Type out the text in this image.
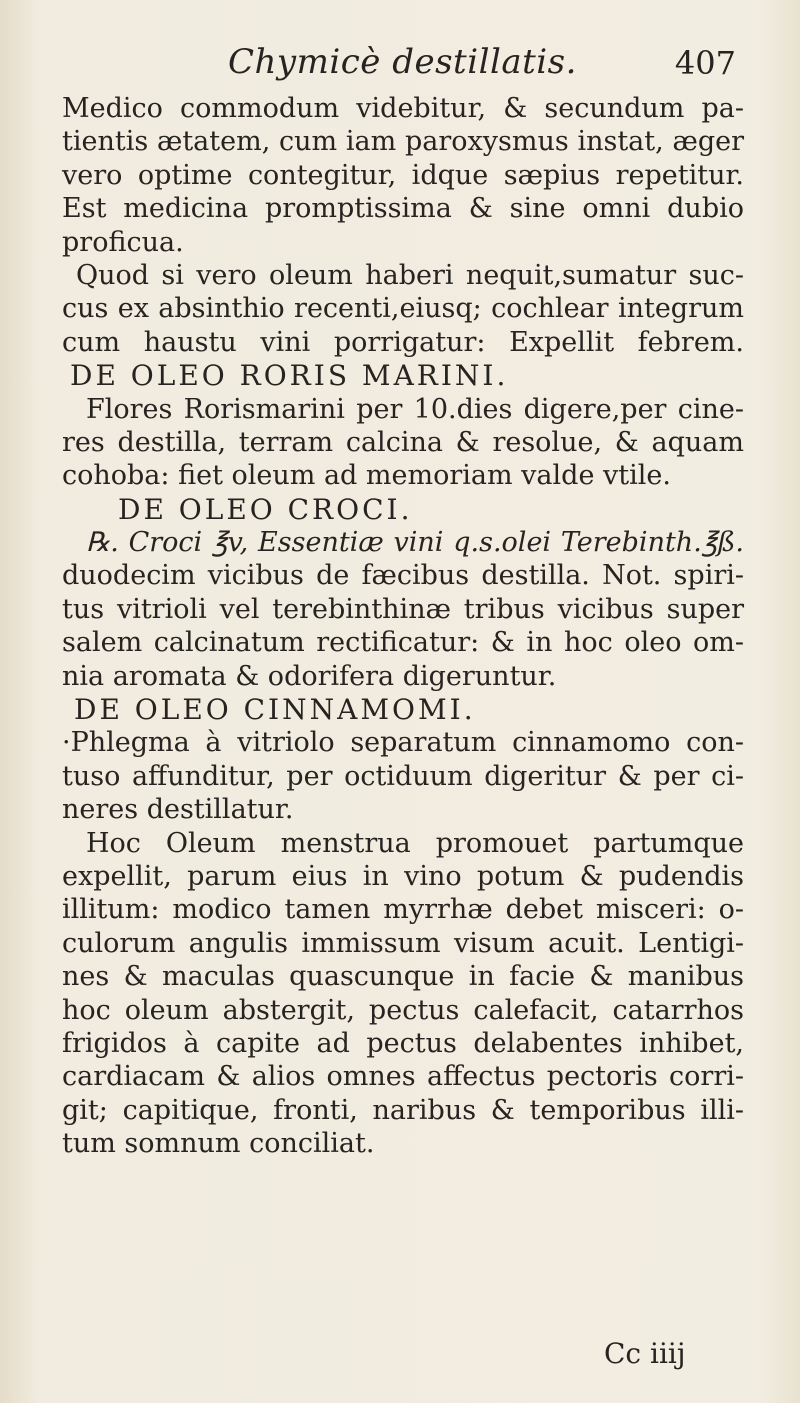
Chymicè destillatis.	407
Medico commodum videbitur, & secundum pa-
tientis ætatem, cum iam paroxysmus instat, æger
vero optime contegitur, idque sæpius repetitur.
Est medicina promptissima & sine omni dubio
proficua.
Quod si vero oleum haberi nequit,sumatur suc-
cus ex absinthio recenti,eiusq; cochlear integrum
cum haustu vini porrigatur: Expellit febrem.
DE OLEO RORIS MARINI.
Flores Rorismarini per 10.dies digere,per cine-
res destilla, terram calcina & resolue, & aquam
cohoba: fiet oleum ad memoriam valde vtile.
DE OLEO CROCI.
℞. Croci ℥v, Essentiæ vini q.s.olei Terebinth.℥ß.
duodecim vicibus de fæcibus destilla. Not. spiri-
tus vitrioli vel terebinthinæ tribus vicibus super
salem calcinatum rectificatur: & in hoc oleo om-
nia aromata & odorifera digeruntur.
DE OLEO CINNAMOMI.
·Phlegma à vitriolo separatum cinnamomo con-
tuso affunditur, per octiduum digeritur & per ci-
neres destillatur.
Hoc Oleum menstrua promouet partumque
expellit, parum eius in vino potum & pudendis
illitum: modico tamen myrrhæ debet misceri: o-
culorum angulis immissum visum acuit. Lentigi-
nes & maculas quascunque in facie & manibus
hoc oleum abstergit, pectus calefacit, catarrhos
frigidos à capite ad pectus delabentes inhibet,
cardiacam & alios omnes affectus pectoris corri-
git; capitique, fronti, naribus & temporibus illi-
tum somnum conciliat.
Cc iiij
